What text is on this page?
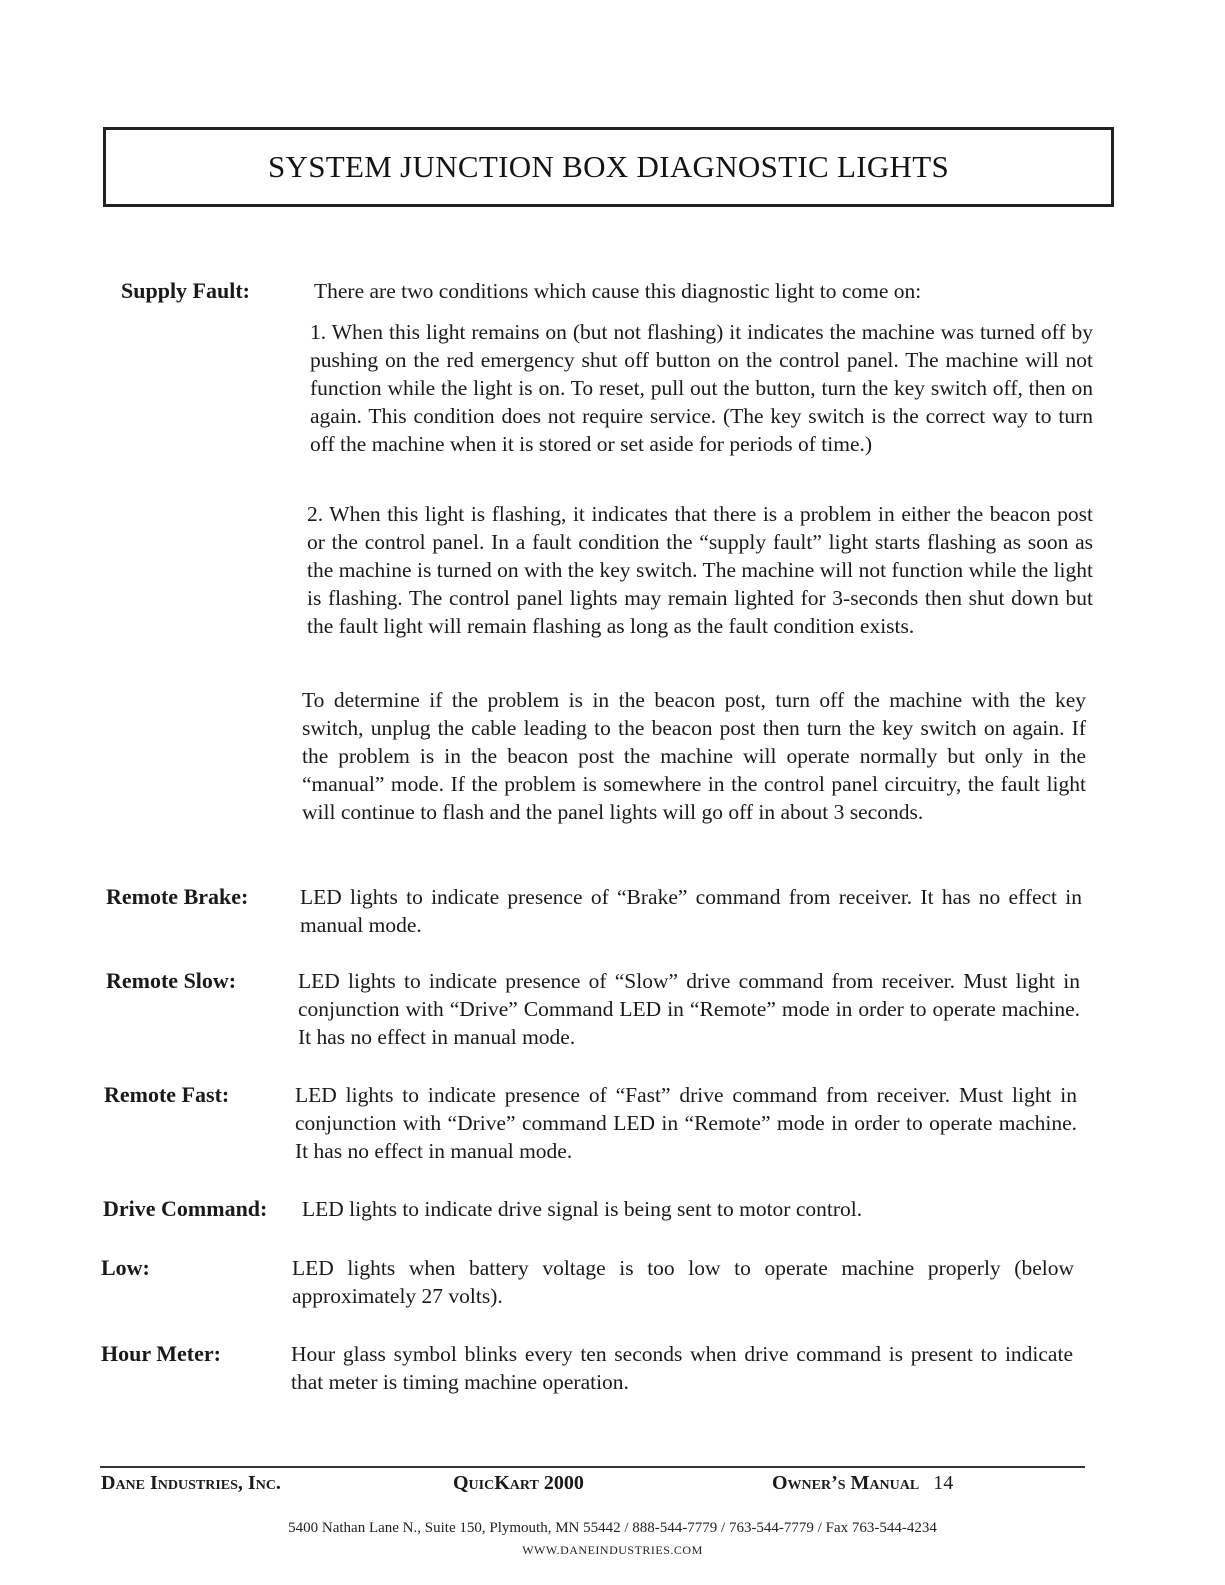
SYSTEM JUNCTION BOX DIAGNOSTIC LIGHTS
Supply Fault:	There are two conditions which cause this diagnostic light to come on:
1. When this light remains on (but not flashing) it indicates the machine was turned off by pushing on the red emergency shut off button on the control panel. The machine will not function while the light is on. To reset, pull out the button, turn the key switch off, then on again. This condition does not require service. (The key switch is the correct way to turn off the machine when it is stored or set aside for periods of time.)
2. When this light is flashing, it indicates that there is a problem in either the beacon post or the control panel. In a fault condition the “supply fault” light starts flashing as soon as the machine is turned on with the key switch. The machine will not function while the light is flashing. The control panel lights may remain lighted for 3-seconds then shut down but the fault light will remain flashing as long as the fault condition exists.
To determine if the problem is in the beacon post, turn off the machine with the key switch, unplug the cable leading to the beacon post then turn the key switch on again. If the problem is in the beacon post the machine will operate normally but only in the “manual” mode. If the problem is somewhere in the control panel circuitry, the fault light will continue to flash and the panel lights will go off in about 3 seconds.
Remote Brake: LED lights to indicate presence of “Brake” command from receiver. It has no effect in manual mode.
Remote Slow:	LED lights to indicate presence of “Slow” drive command from receiver. Must light in conjunction with “Drive” Command LED in “Remote” mode in order to operate machine. It has no effect in manual mode.
Remote Fast:	LED lights to indicate presence of “Fast” drive command from receiver. Must light in conjunction with “Drive” command LED in “Remote” mode in order to operate machine. It has no effect in manual mode.
Drive Command: LED lights to indicate drive signal is being sent to motor control.
Low:	LED lights when battery voltage is too low to operate machine properly (below approximately 27 volts).
Hour Meter:	Hour glass symbol blinks every ten seconds when drive command is present to indicate that meter is timing machine operation.
Dane Industries, Inc.	QuicKart 2000	Owner’s Manual 14
5400 Nathan Lane N., Suite 150, Plymouth, MN 55442 / 888-544-7779 / 763-544-7779 / Fax 763-544-4234
WWW.DANEINDUSTRIES.COM
